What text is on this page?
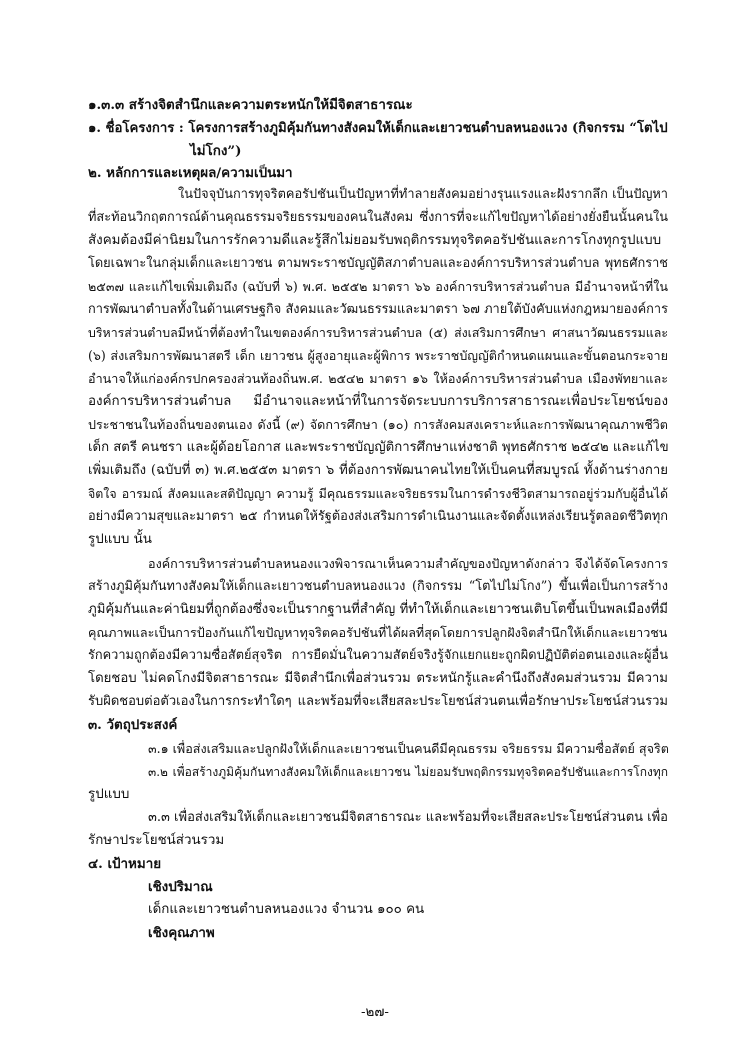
๑.๓.๓ สร้างจิตสำนึกและความตระหนักให้มีจิตสาธารณะ
๑. ชื่อโครงการ : โครงการสร้างภูมิคุ้มกันทางสังคมให้เด็กและเยาวชนตำบลหนองแวง (กิจกรรม “โตไป
ไม่โกง”)
๒. หลักการและเหตุผล/ความเป็นมา
ในปัจจุบันการทุจริตคอรัปชันเป็นปัญหาที่ทำลายสังคมอย่างรุนแรงและฝังรากลึก เป็นปัญหา
ที่สะท้อนวิกฤตการณ์ด้านคุณธรรมจริยธรรมของคนในสังคม ซึ่งการที่จะแก้ไขปัญหาได้อย่างยั่งยืนนั้นคนใน
สังคมต้องมีค่านิยมในการรักความดีและรู้สึกไม่ยอมรับพฤติกรรมทุจริตคอรัปชันและการโกงทุกรูปแบบ
โดยเฉพาะในกลุ่มเด็กและเยาวชน ตามพระราชบัญญัติสภาตำบลและองค์การบริหารส่วนตำบล พุทธศักราช
๒๕๓๗ และแก้ไขเพิ่มเติมถึง (ฉบับที่ ๖) พ.ศ. ๒๕๕๒ มาตรา ๖๖ องค์การบริหารส่วนตำบล มีอำนาจหน้าที่ใน
การพัฒนาตำบลทั้งในด้านเศรษฐกิจ สังคมและวัฒนธรรมและมาตรา ๖๗ ภายใต้บังคับแห่งกฎหมายองค์การ
บริหารส่วนตำบลมีหน้าที่ต้องทำในเขตองค์การบริหารส่วนตำบล (๕) ส่งเสริมการศึกษา ศาสนาวัฒนธรรมและ
(๖) ส่งเสริมการพัฒนาสตรี เด็ก เยาวชน ผู้สูงอายุและผู้พิการ พระราชบัญญัติกำหนดแผนและขั้นตอนกระจาย
อำนาจให้แก่องค์กรปกครองส่วนท้องถิ่นพ.ศ. ๒๕๔๒ มาตรา ๑๖ ให้องค์การบริหารส่วนตำบล เมืองพัทยาและ
องค์การบริหารส่วนตำบล มีอำนาจและหน้าที่ในการจัดระบบการบริการสาธารณะเพื่อประโยชน์ของ
ประชาชนในท้องถิ่นของตนเอง ดังนี้ (๙) จัดการศึกษา (๑๐) การสังคมสงเคราะห์และการพัฒนาคุณภาพชีวิต
เด็ก สตรี คนชรา และผู้ด้อยโอกาส และพระราชบัญญัติการศึกษาแห่งชาติ พุทธศักราช ๒๕๔๒ และแก้ไข
เพิ่มเติมถึง (ฉบับที่ ๓) พ.ศ.๒๕๕๓ มาตรา ๖ ที่ต้องการพัฒนาคนไทยให้เป็นคนที่สมบูรณ์ ทั้งด้านร่างกาย
จิตใจ อารมณ์ สังคมและสติปัญญา ความรู้ มีคุณธรรมและจริยธรรมในการดำรงชีวิตสามารถอยู่ร่วมกับผู้อื่นได้
อย่างมีความสุขและมาตรา ๒๕ กำหนดให้รัฐต้องส่งเสริมการดำเนินงานและจัดตั้งแหล่งเรียนรู้ตลอดชีวิตทุก
รูปแบบ นั้น
องค์การบริหารส่วนตำบลหนองแวงพิจารณาเห็นความสำคัญของปัญหาดังกล่าว จึงได้จัดโครงการ
สร้างภูมิคุ้มกันทางสังคมให้เด็กและเยาวชนตำบลหนองแวง (กิจกรรม “โตไปไม่โกง”) ขึ้นเพื่อเป็นการสร้าง
ภูมิคุ้มกันและค่านิยมที่ถูกต้องซึ่งจะเป็นรากฐานที่สำคัญ ที่ทำให้เด็กและเยาวชนเติบโตขึ้นเป็นพลเมืองที่มี
คุณภาพและเป็นการป้องกันแก้ไขปัญหาทุจริตคอรัปชันที่ได้ผลที่สุดโดยการปลูกฝังจิตสำนึกให้เด็กและเยาวชน
รักความถูกต้องมีความซื่อสัตย์สุจริต การยืดมั่นในความสัตย์จริงรู้จักแยกแยะถูกผิดปฏิบัติต่อตนเองและผู้อื่น
โดยชอบ ไม่คดโกงมีจิตสาธารณะ มีจิตสำนึกเพื่อส่วนรวม ตระหนักรู้และคำนึงถึงสังคมส่วนรวม มีความ
รับผิดชอบต่อตัวเองในการกระทำใดๆ และพร้อมที่จะเสียสละประโยชน์ส่วนตนเพื่อรักษาประโยชน์ส่วนรวม
๓. วัตถุประสงค์
๓.๑ เพื่อส่งเสริมและปลูกฝังให้เด็กและเยาวชนเป็นคนดีมีคุณธรรม จริยธรรม มีความซื่อสัตย์ สุจริต
๓.๒ เพื่อสร้างภูมิคุ้มกันทางสังคมให้เด็กและเยาวชน ไม่ยอมรับพฤติกรรมทุจริตคอรัปชันและการโกงทุก
รูปแบบ
๓.๓ เพื่อส่งเสริมให้เด็กและเยาวชนมีจิตสาธารณะ และพร้อมที่จะเสียสละประโยชน์ส่วนตน เพื่อ
รักษาประโยชน์ส่วนรวม
๔. เป้าหมาย
เชิงปริมาณ
เด็กและเยาวชนตำบลหนองแวง จำนวน ๑๐๐ คน
เชิงคุณภาพ
-๒๗-
